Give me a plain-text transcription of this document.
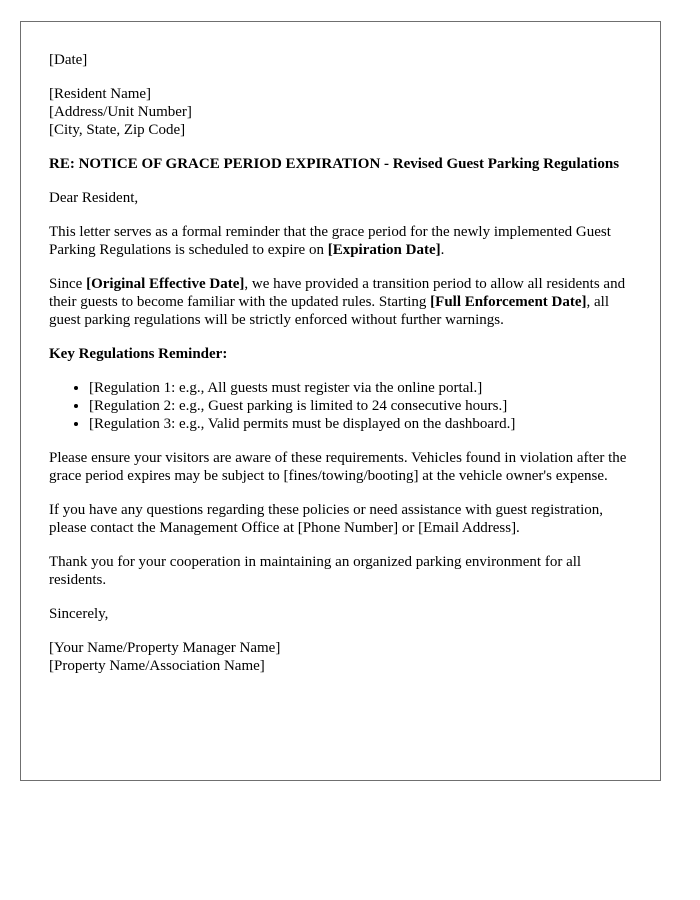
[Date]

[Resident Name]
[Address/Unit Number]
[City, State, Zip Code]

RE: NOTICE OF GRACE PERIOD EXPIRATION - Revised Guest Parking Regulations

Dear Resident,

This letter serves as a formal reminder that the grace period for the newly implemented Guest Parking Regulations is scheduled to expire on [Expiration Date].

Since [Original Effective Date], we have provided a transition period to allow all residents and their guests to become familiar with the updated rules. Starting [Full Enforcement Date], all guest parking regulations will be strictly enforced without further warnings.

Key Regulations Reminder:

• [Regulation 1: e.g., All guests must register via the online portal.]
• [Regulation 2: e.g., Guest parking is limited to 24 consecutive hours.]
• [Regulation 3: e.g., Valid permits must be displayed on the dashboard.]

Please ensure your visitors are aware of these requirements. Vehicles found in violation after the grace period expires may be subject to [fines/towing/booting] at the vehicle owner's expense.

If you have any questions regarding these policies or need assistance with guest registration, please contact the Management Office at [Phone Number] or [Email Address].

Thank you for your cooperation in maintaining an organized parking environment for all residents.

Sincerely,

[Your Name/Property Manager Name]
[Property Name/Association Name]
